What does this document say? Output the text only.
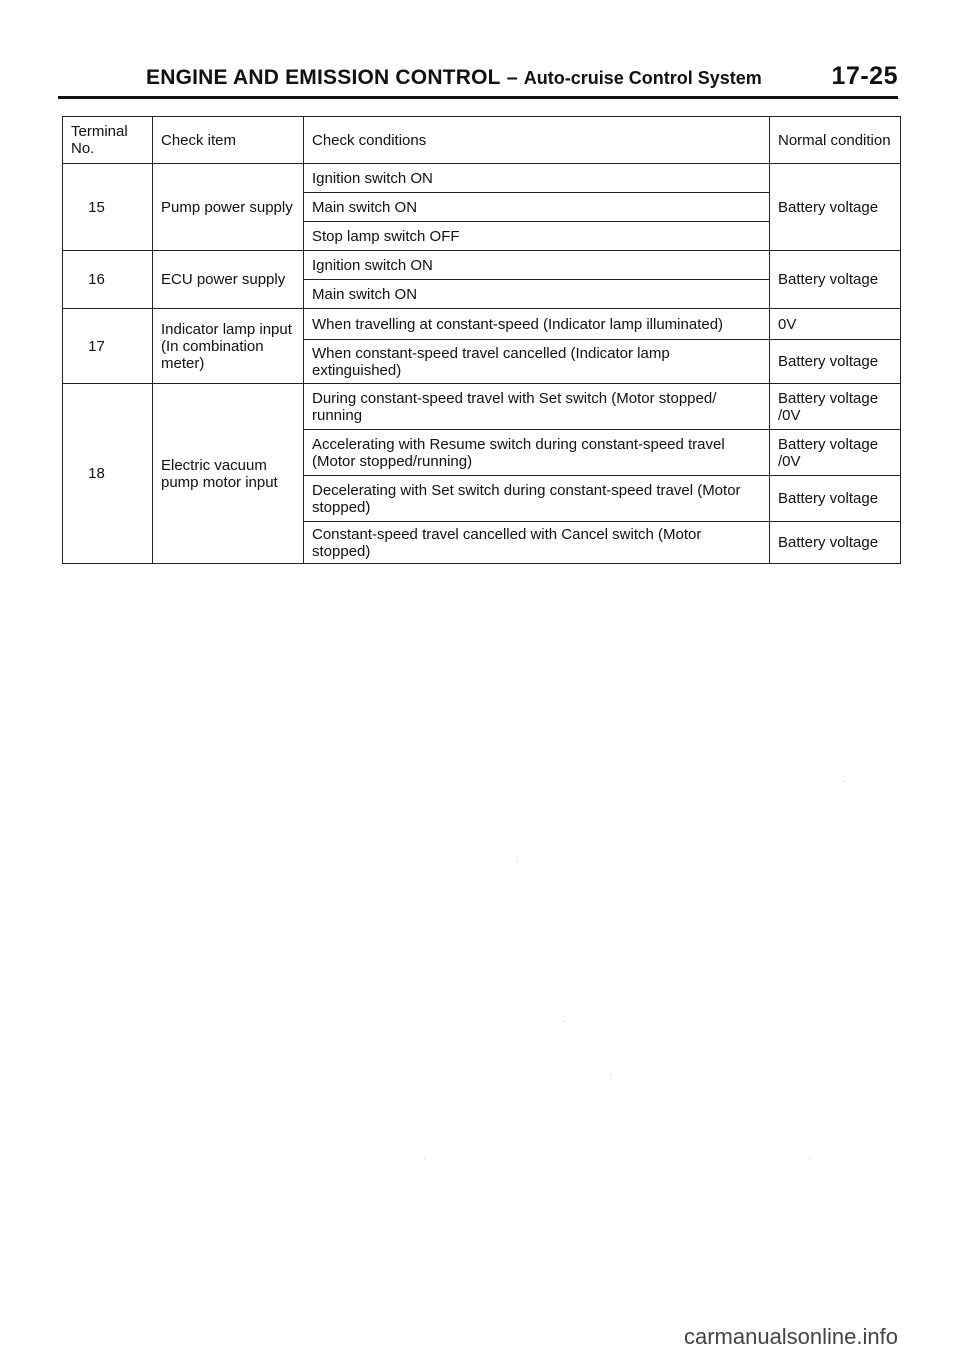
ENGINE AND EMISSION CONTROL – Auto-cruise Control System	17-25
Terminal No.	Check item	Check conditions	Normal condition
15	Pump power supply	Ignition switch ON	Battery voltage
		Main switch ON	
		Stop lamp switch OFF	
16	ECU power supply	Ignition switch ON	Battery voltage
		Main switch ON	
17	Indicator lamp input (In combination meter)	When travelling at constant-speed (Indicator lamp illuminated)	0V
		When constant-speed travel cancelled (Indicator lamp extinguished)	Battery voltage
18	Electric vacuum pump motor input	During constant-speed travel with Set switch (Motor stopped/ running	Battery voltage /0V
		Accelerating with Resume switch during constant-speed travel (Motor stopped/running)	Battery voltage /0V
		Decelerating with Set switch during constant-speed travel (Motor stopped)	Battery voltage
		Constant-speed travel cancelled with Cancel switch (Motor stopped)	Battery voltage
carmanualsonline.info
